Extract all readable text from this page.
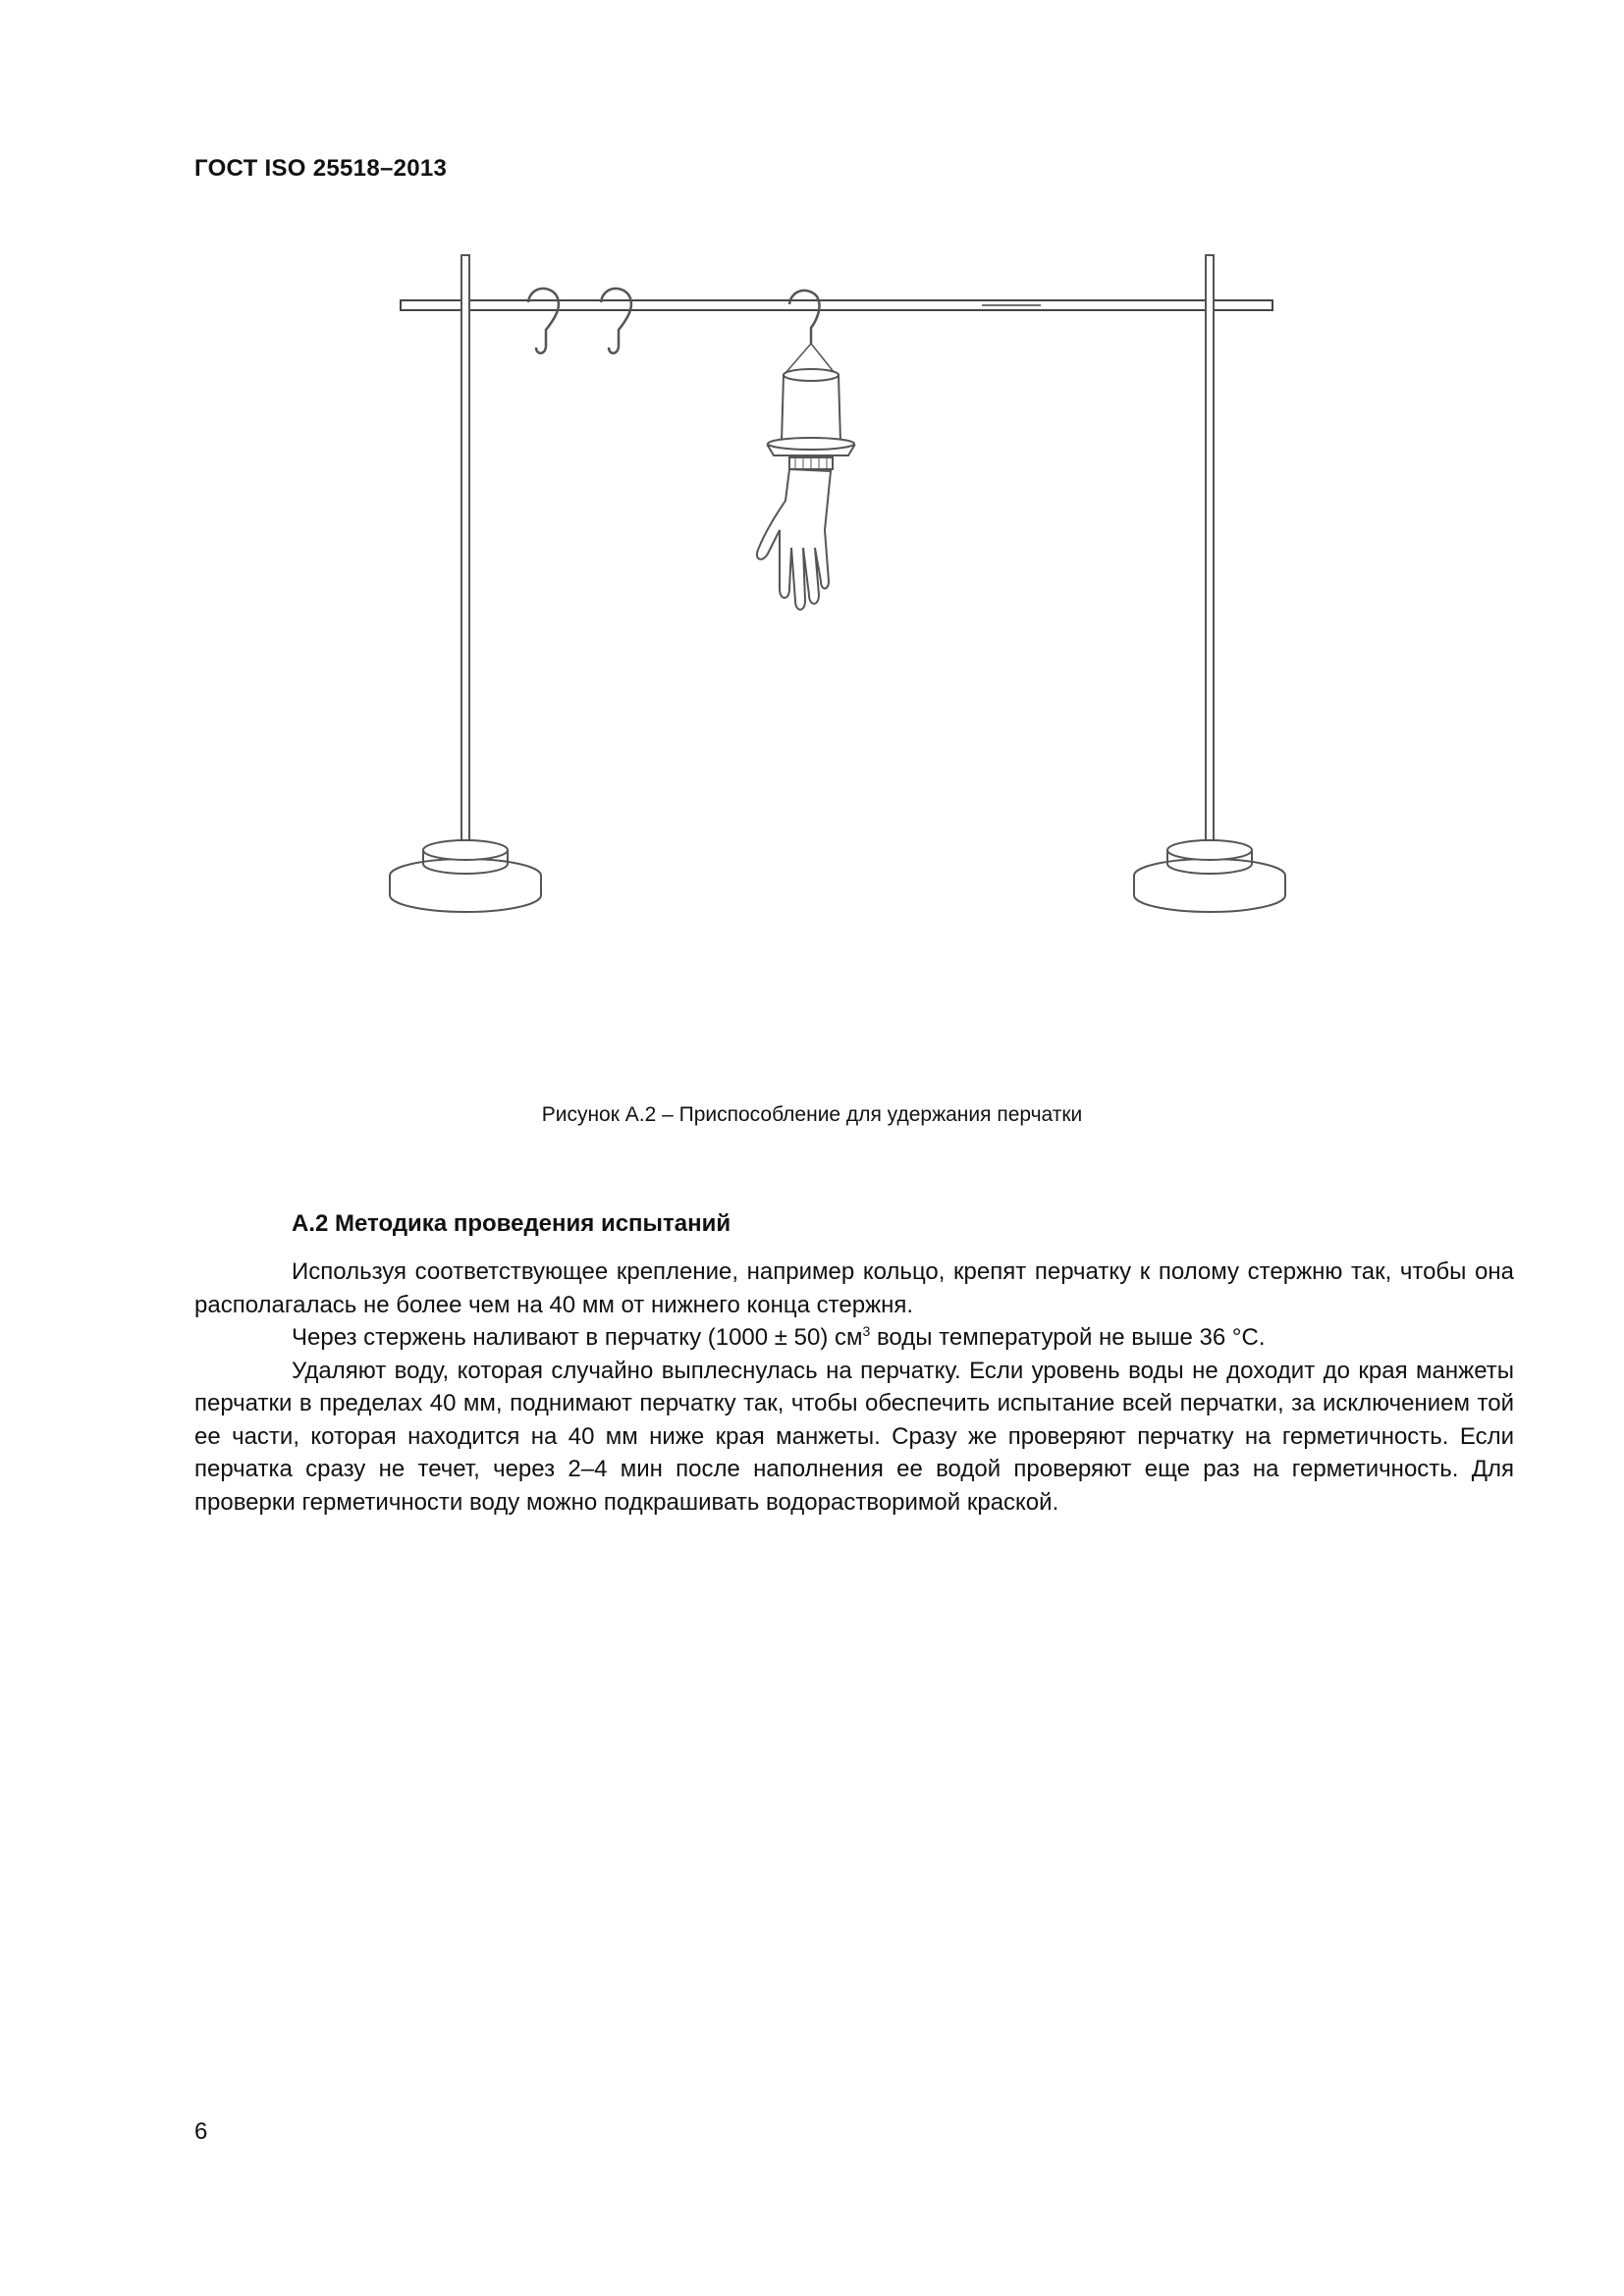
ГОСТ ISO 25518–2013
Рисунок А.2 – Приспособление для удержания перчатки
А.2 Методика проведения испытаний

Используя соответствующее крепление, например кольцо, крепят перчатку к полому стержню так, чтобы она располагалась не более чем на 40 мм от нижнего конца стержня.

Через стержень наливают в перчатку (1000 ± 50) $см^3$ воды температурой не выше 36 °C.

Удаляют воду, которая случайно выплеснулась на перчатку. Если уровень воды не доходит до края манжеты перчатки в пределах 40 мм, поднимают перчатку так, чтобы обеспечить испытание всей перчатки, за исключением той ее части, которая находится на 40 мм ниже края манжеты. Сразу же проверяют перчатку на герметичность. Если перчатка сразу не течет, через 2–4 мин после наполнения ее водой проверяют еще раз на герметичность. Для проверки герметичности воду можно подкрашивать водорастворимой краской.

6
